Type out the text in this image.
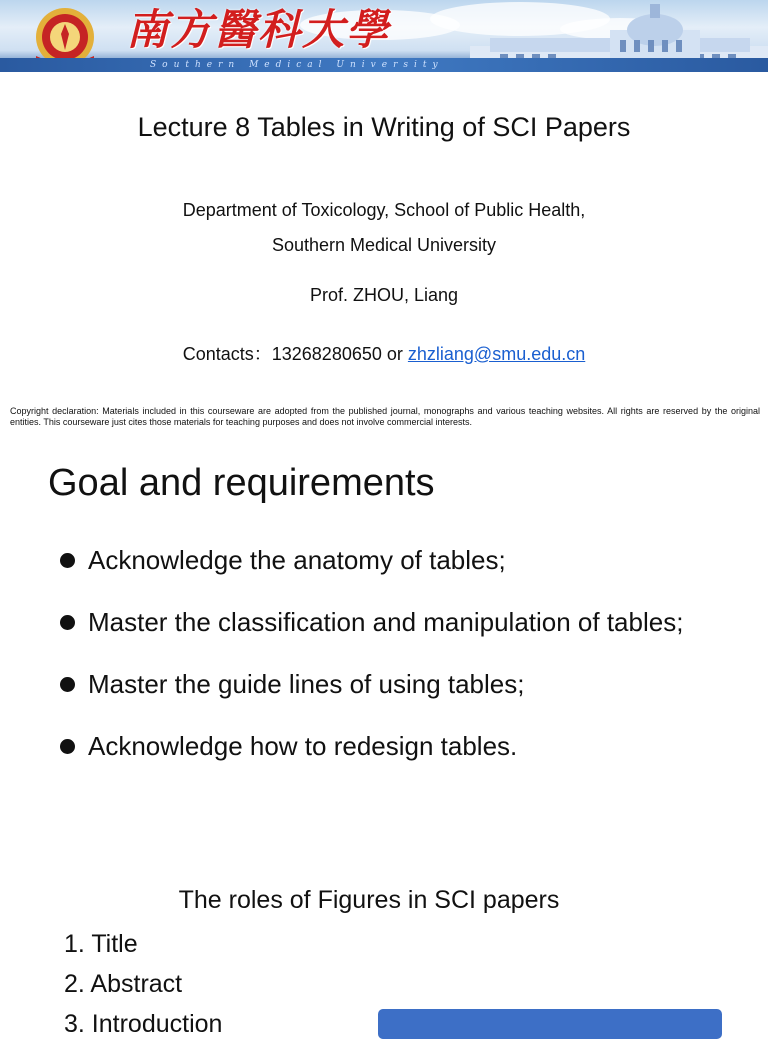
南方醫科大學
Southern Medical University
Lecture 8 Tables in Writing of SCI Papers
Department of Toxicology, School of Public Health,
Southern Medical University
Prof. ZHOU, Liang
Contacts：13268280650 or zhzliang@smu.edu.cn
Copyright declaration: Materials included in this courseware are adopted from the published journal, monographs and various teaching websites. All rights are reserved by the original entities. This courseware just cites those materials for teaching purposes and does not involve commercial interests.
Goal and requirements
Acknowledge the anatomy of tables;
Master the classification and manipulation of tables;
Master the guide lines of using tables;
Acknowledge how to redesign tables.
The roles of Figures in SCI papers
1. Title
2. Abstract
3. Introduction
